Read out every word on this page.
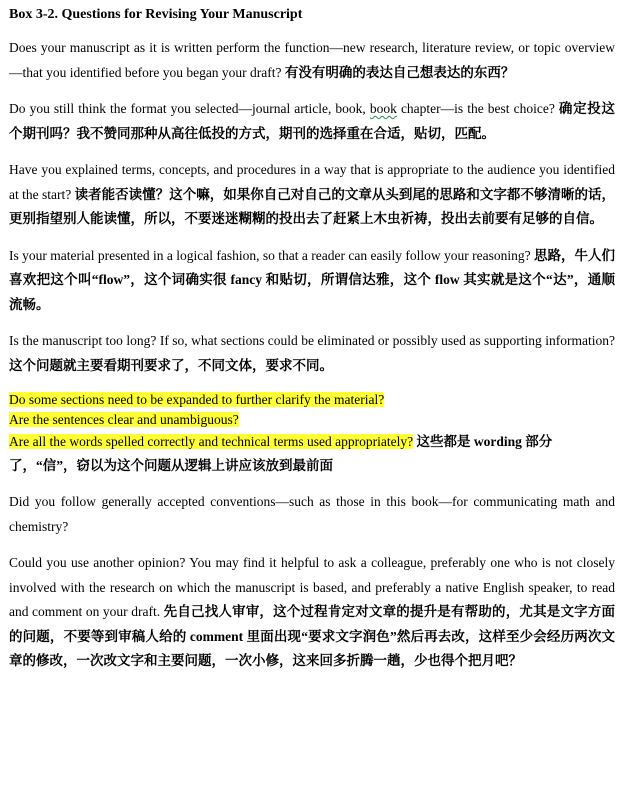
Box 3-2. Questions for Revising Your Manuscript

Does your manuscript as it is written perform the function—new research, literature review, or topic overview—that you identified before you began your draft? 有没有明确的表达自己想表达的东西？

Do you still think the format you selected—journal article, book, book chapter—is the best choice? 确定投这个期刊吗？我不赞同那种从高往低投的方式，期刊的选择重在合适，贴切，匹配。

Have you explained terms, concepts, and procedures in a way that is appropriate to the audience you identified at the start? 读者能否读懂？这个嘛，如果你自己对自己的文章从头到尾的思路和文字都不够清晰的话，更别指望别人能读懂，所以，不要迷迷糊糊的投出去了赶紧上木虫祈祷，投出去前要有足够的自信。

Is your material presented in a logical fashion, so that a reader can easily follow your reasoning? 思路，牛人们喜欢把这个叫“flow”，这个词确实很 fancy 和贴切，所谓信达雅，这个 flow 其实就是这个“达”，通顺流畅。

Is the manuscript too long? If so, what sections could be eliminated or possibly used as supporting information? 这个问题就主要看期刊要求了，不同文体，要求不同。

Do some sections need to be expanded to further clarify the material?

Are the sentences clear and unambiguous?

Are all the words spelled correctly and technical terms used appropriately? 这些都是 wording 部分了，“信”，窃以为这个问题从逻辑上讲应该放到最前面

Did you follow generally accepted conventions—such as those in this book—for communicating math and chemistry?

Could you use another opinion? You may find it helpful to ask a colleague, preferably one who is not closely involved with the research on which the manuscript is based, and preferably a native English speaker, to read and comment on your draft. 先自己找人审审，这个过程肯定对文章的提升是有帮助的，尤其是文字方面的问题，不要等到审稿人给的 comment 里面出现“要求文字润色”然后再去改，这样至少会经历两次文章的修改，一次改文字和主要问题，一次小修，这来回多折腾一趟，少也得个把月吧？
